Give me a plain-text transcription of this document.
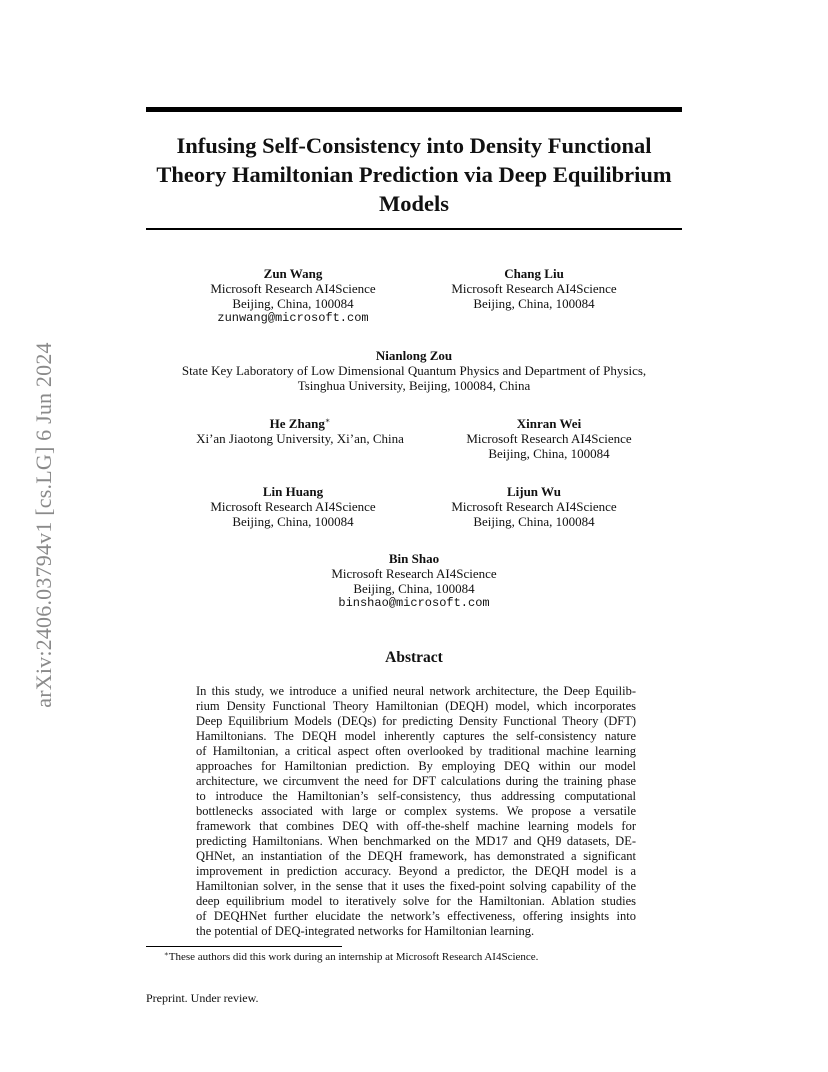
arXiv:2406.03794v1 [cs.LG] 6 Jun 2024
Infusing Self-Consistency into Density Functional
Theory Hamiltonian Prediction via Deep Equilibrium
Models
Zun Wang
Microsoft Research AI4Science
Beijing, China, 100084
zunwang@microsoft.com
Chang Liu
Microsoft Research AI4Science
Beijing, China, 100084
Nianlong Zou
State Key Laboratory of Low Dimensional Quantum Physics and Department of Physics,
Tsinghua University, Beijing, 100084, China
He Zhang∗
Xi’an Jiaotong University, Xi’an, China
Xinran Wei
Microsoft Research AI4Science
Beijing, China, 100084
Lin Huang
Microsoft Research AI4Science
Beijing, China, 100084
Lijun Wu
Microsoft Research AI4Science
Beijing, China, 100084
Bin Shao
Microsoft Research AI4Science
Beijing, China, 100084
binshao@microsoft.com
Abstract
In this study, we introduce a unified neural network architecture, the Deep Equilib-
rium Density Functional Theory Hamiltonian (DEQH) model, which incorporates
Deep Equilibrium Models (DEQs) for predicting Density Functional Theory (DFT)
Hamiltonians. The DEQH model inherently captures the self-consistency nature
of Hamiltonian, a critical aspect often overlooked by traditional machine learning
approaches for Hamiltonian prediction. By employing DEQ within our model
architecture, we circumvent the need for DFT calculations during the training phase
to introduce the Hamiltonian’s self-consistency, thus addressing computational
bottlenecks associated with large or complex systems. We propose a versatile
framework that combines DEQ with off-the-shelf machine learning models for
predicting Hamiltonians. When benchmarked on the MD17 and QH9 datasets, DE-
QHNet, an instantiation of the DEQH framework, has demonstrated a significant
improvement in prediction accuracy. Beyond a predictor, the DEQH model is a
Hamiltonian solver, in the sense that it uses the fixed-point solving capability of the
deep equilibrium model to iteratively solve for the Hamiltonian. Ablation studies
of DEQHNet further elucidate the network’s effectiveness, offering insights into
the potential of DEQ-integrated networks for Hamiltonian learning.
∗These authors did this work during an internship at Microsoft Research AI4Science.
Preprint. Under review.
